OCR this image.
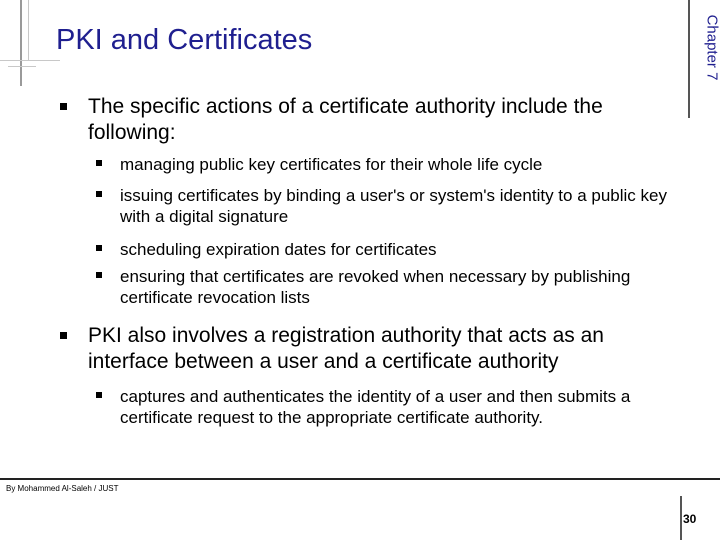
PKI and Certificates	Chapter 7
The specific actions of a certificate authority include the following:
managing public key certificates for their whole life cycle
issuing certificates by binding a user's or system's identity to a public key with a digital signature
scheduling expiration dates for certificates
ensuring that certificates are revoked when necessary by publishing certificate revocation lists
PKI also involves a registration authority that acts as an interface between a user and a certificate authority
captures and authenticates the identity of a user and then submits a certificate request to the appropriate certificate authority.
By Mohammed Al-Saleh / JUST
30
